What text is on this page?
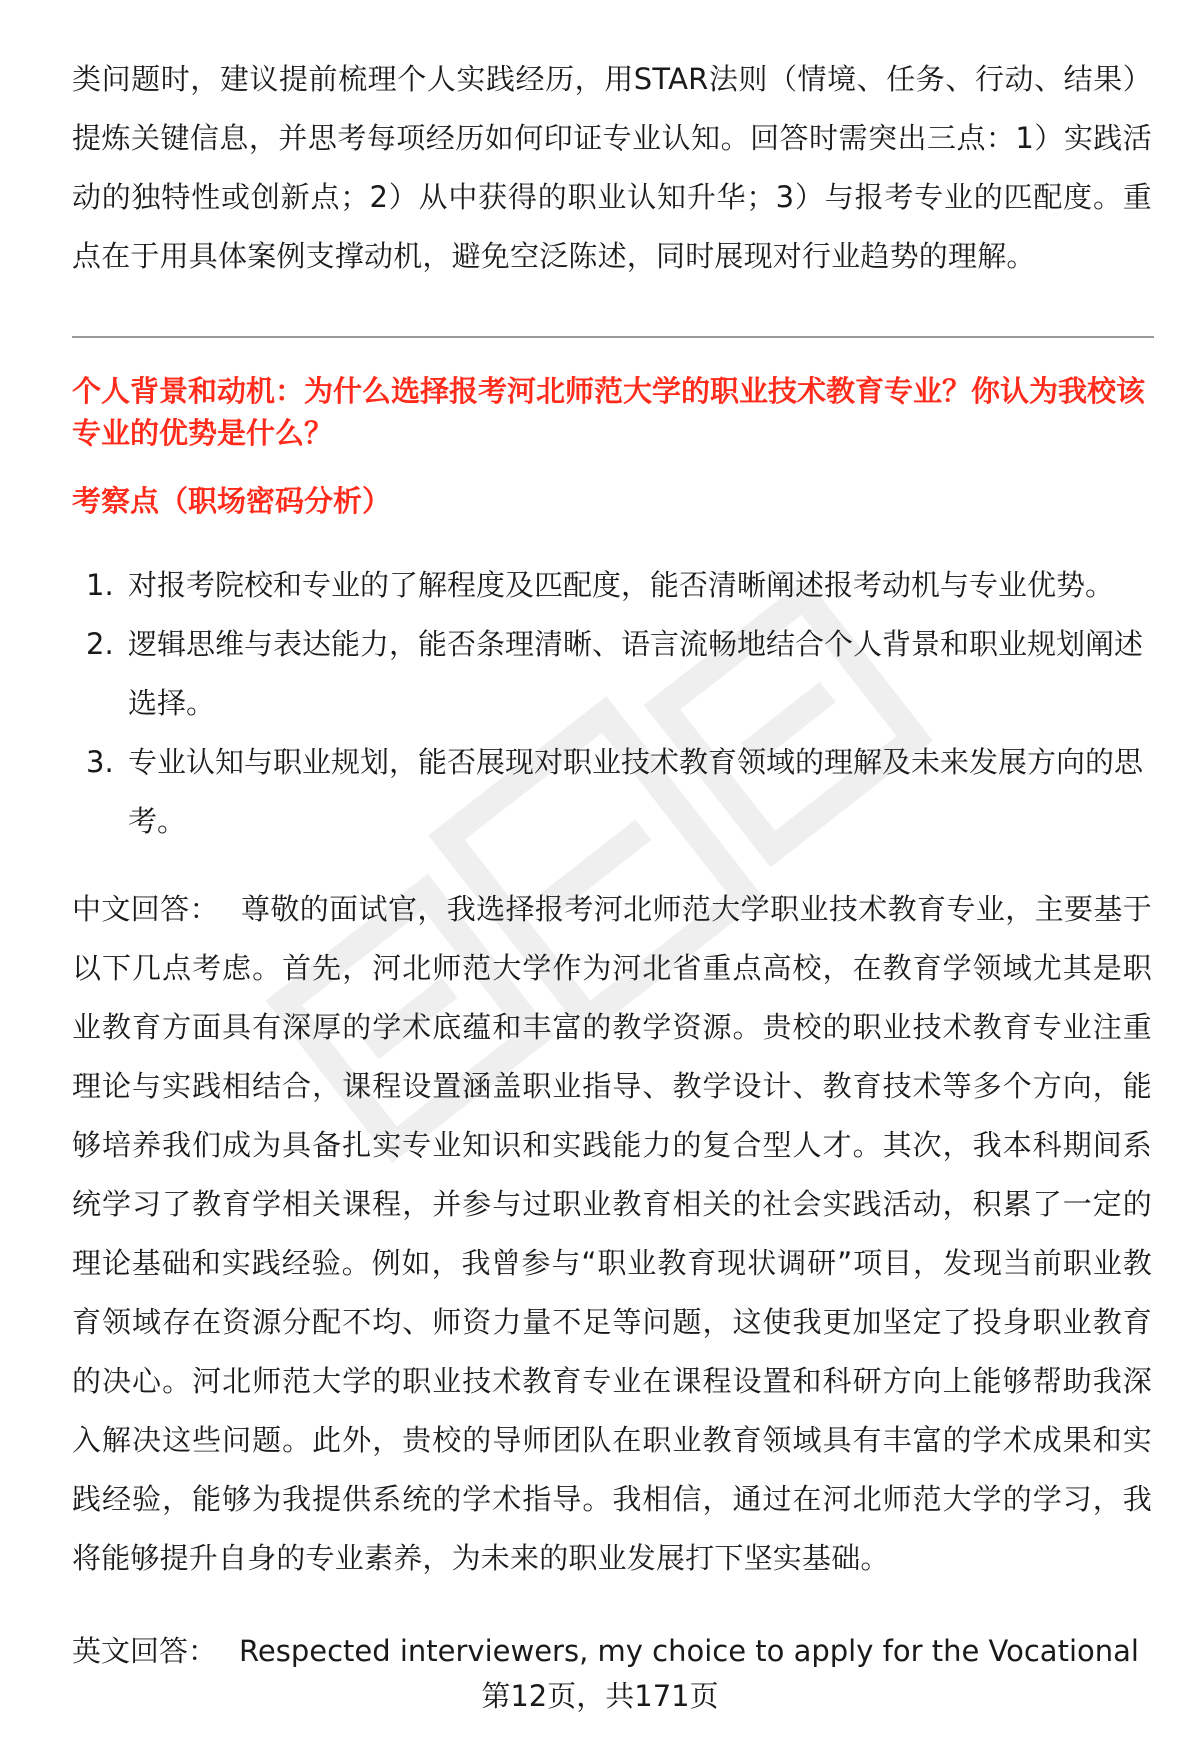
类问题时，建议提前梳理个人实践经历，用STAR法则（情境、任务、行动、结果）提炼关键信息，并思考每项经历如何印证专业认知。回答时需突出三点：1）实践活动的独特性或创新点；2）从中获得的职业认知升华；3）与报考专业的匹配度。重点在于用具体案例支撑动机，避免空泛陈述，同时展现对行业趋势的理解。

个人背景和动机：为什么选择报考河北师范大学的职业技术教育专业？你认为我校该专业的优势是什么？
考察点（职场密码分析）
1. 对报考院校和专业的了解程度及匹配度，能否清晰阐述报考动机与专业优势。
2. 逻辑思维与表达能力，能否条理清晰、语言流畅地结合个人背景和职业规划阐述选择。
3. 专业认知与职业规划，能否展现对职业技术教育领域的理解及未来发展方向的思考。

中文回答： 尊敬的面试官，我选择报考河北师范大学职业技术教育专业，主要基于以下几点考虑。首先，河北师范大学作为河北省重点高校，在教育学领域尤其是职业教育方面具有深厚的学术底蕴和丰富的教学资源。贵校的职业技术教育专业注重理论与实践相结合，课程设置涵盖职业指导、教学设计、教育技术等多个方向，能够培养我们成为具备扎实专业知识和实践能力的复合型人才。其次，我本科期间系统学习了教育学相关课程，并参与过职业教育相关的社会实践活动，积累了一定的理论基础和实践经验。例如，我曾参与“职业教育现状调研”项目，发现当前职业教育领域存在资源分配不均、师资力量不足等问题，这使我更加坚定了投身职业教育的决心。河北师范大学的职业技术教育专业在课程设置和科研方向上能够帮助我深入解决这些问题。此外，贵校的导师团队在职业教育领域具有丰富的学术成果和实践经验，能够为我提供系统的学术指导。我相信，通过在河北师范大学的学习，我将能够提升自身的专业素养，为未来的职业发展打下坚实基础。

英文回答： Respected interviewers, my choice to apply for the Vocational

第12页，共171页
